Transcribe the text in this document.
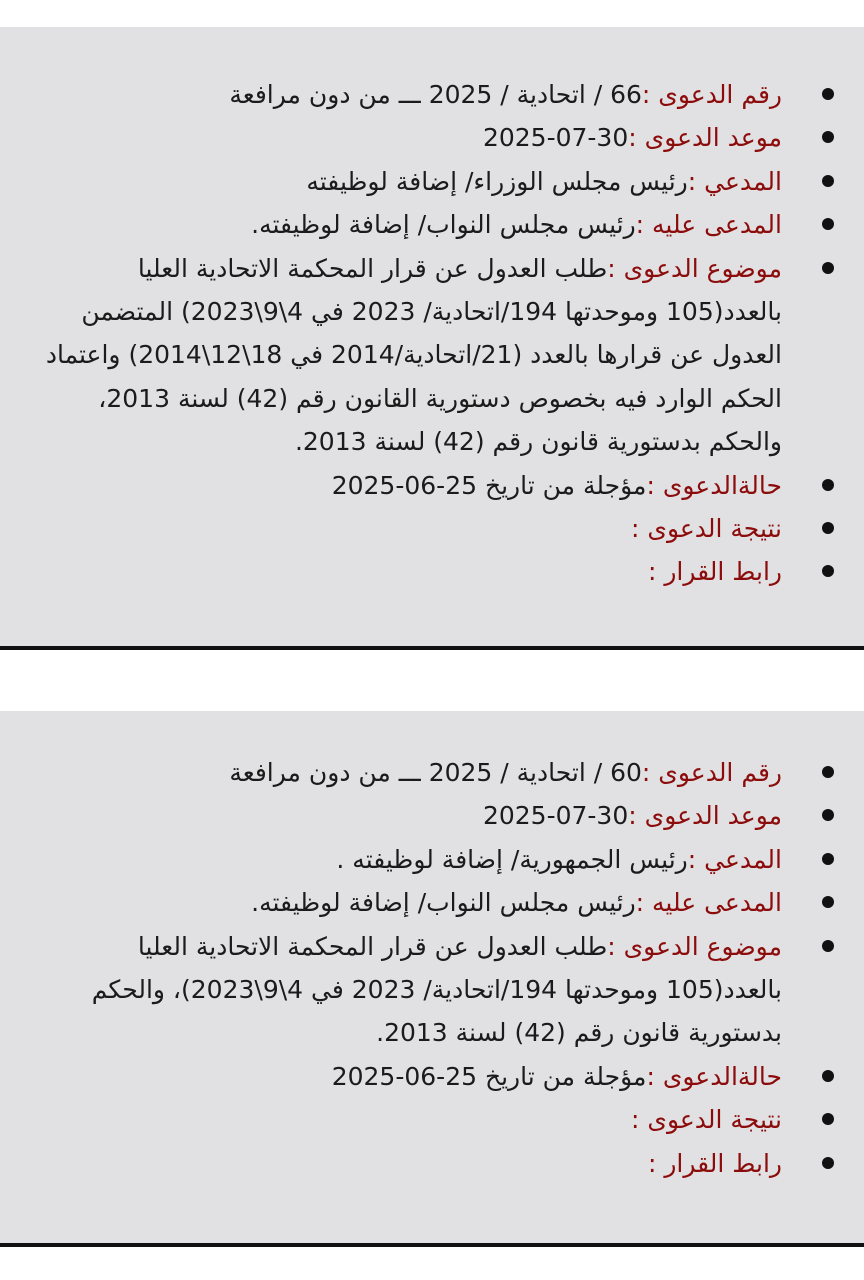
رقم الدعوى :66 / اتحادية / 2025 ـــ من دون مرافعة
موعد الدعوى :2025-07-30
المدعي :رئيس مجلس الوزراء/ إضافة لوظيفته
المدعى عليه :رئيس مجلس النواب/ إضافة لوظيفته.
موضوع الدعوى :طلب العدول عن قرار المحكمة الاتحادية العليا بالعدد(105 وموحدتها 194/اتحادية/ 2023 في 4\9\2023) المتضمن العدول عن قرارها بالعدد (21/اتحادية/2014 في 18\12\2014) واعتماد الحكم الوارد فيه بخصوص دستورية القانون رقم (42) لسنة 2013، والحكم بدستورية قانون رقم (42) لسنة 2013.
حالةالدعوى :مؤجلة من تاريخ 25-06-2025
نتيجة الدعوى :
رابط القرار :
رقم الدعوى :60 / اتحادية / 2025 ـــ من دون مرافعة
موعد الدعوى :2025-07-30
المدعي :رئيس الجمهورية/ إضافة لوظيفته .
المدعى عليه :رئيس مجلس النواب/ إضافة لوظيفته.
موضوع الدعوى :طلب العدول عن قرار المحكمة الاتحادية العليا بالعدد(105 وموحدتها 194/اتحادية/ 2023 في 4\9\2023)، والحكم بدستورية قانون رقم (42) لسنة 2013.
حالةالدعوى :مؤجلة من تاريخ 25-06-2025
نتيجة الدعوى :
رابط القرار :
